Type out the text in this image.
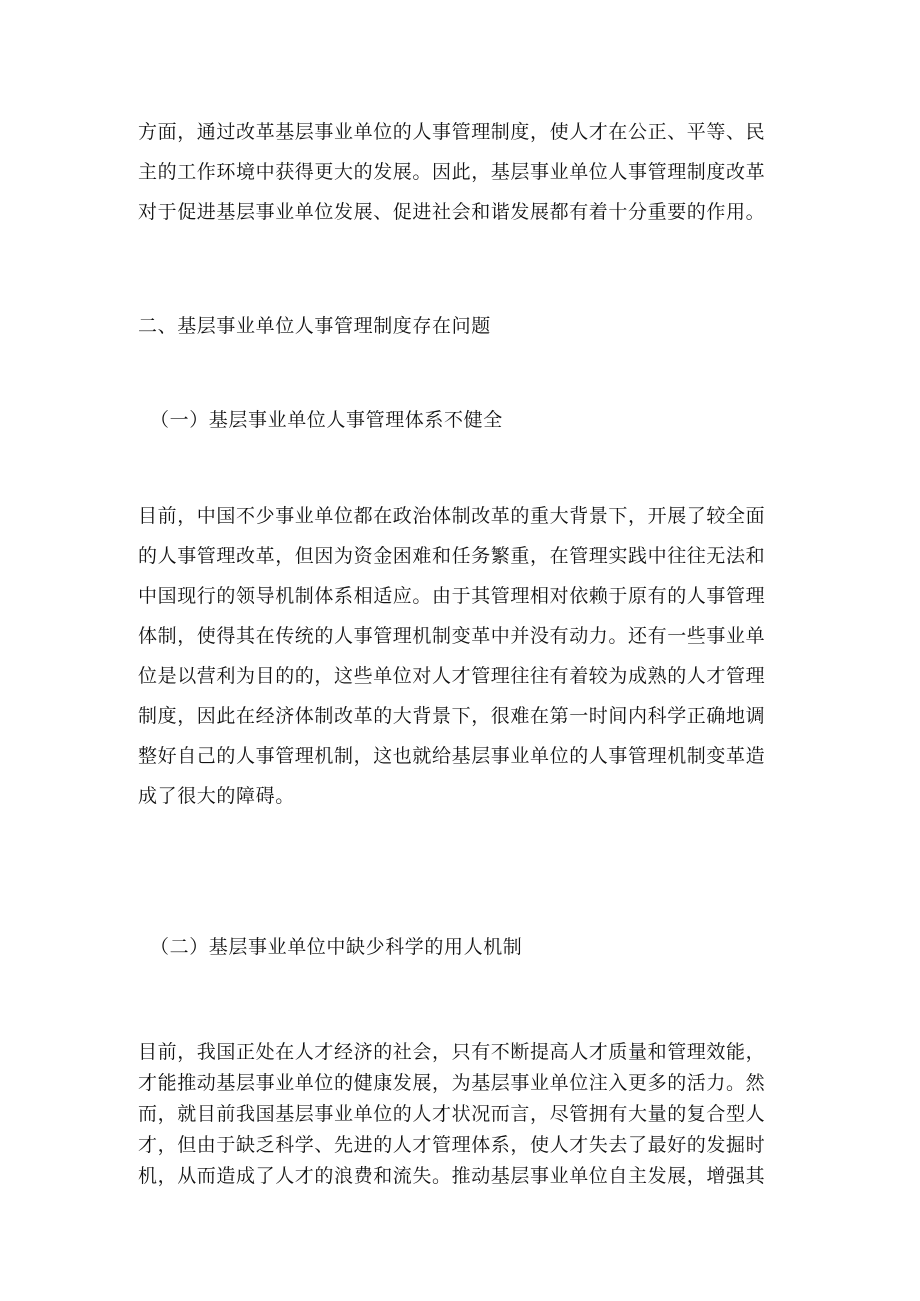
方面，通过改革基层事业单位的人事管理制度，使人才在公正、平等、民
主的工作环境中获得更大的发展。因此，基层事业单位人事管理制度改革
对于促进基层事业单位发展、促进社会和谐发展都有着十分重要的作用。
二、基层事业单位人事管理制度存在问题
（一）基层事业单位人事管理体系不健全
目前，中国不少事业单位都在政治体制改革的重大背景下，开展了较全面
的人事管理改革，但因为资金困难和任务繁重，在管理实践中往往无法和
中国现行的领导机制体系相适应。由于其管理相对依赖于原有的人事管理
体制，使得其在传统的人事管理机制变革中并没有动力。还有一些事业单
位是以营利为目的的，这些单位对人才管理往往有着较为成熟的人才管理
制度，因此在经济体制改革的大背景下，很难在第一时间内科学正确地调
整好自己的人事管理机制，这也就给基层事业单位的人事管理机制变革造
成了很大的障碍。
（二）基层事业单位中缺少科学的用人机制
目前，我国正处在人才经济的社会，只有不断提高人才质量和管理效能，
才能推动基层事业单位的健康发展，为基层事业单位注入更多的活力。然
而，就目前我国基层事业单位的人才状况而言，尽管拥有大量的复合型人
才，但由于缺乏科学、先进的人才管理体系，使人才失去了最好的发掘时
机，从而造成了人才的浪费和流失。推动基层事业单位自主发展，增强其
